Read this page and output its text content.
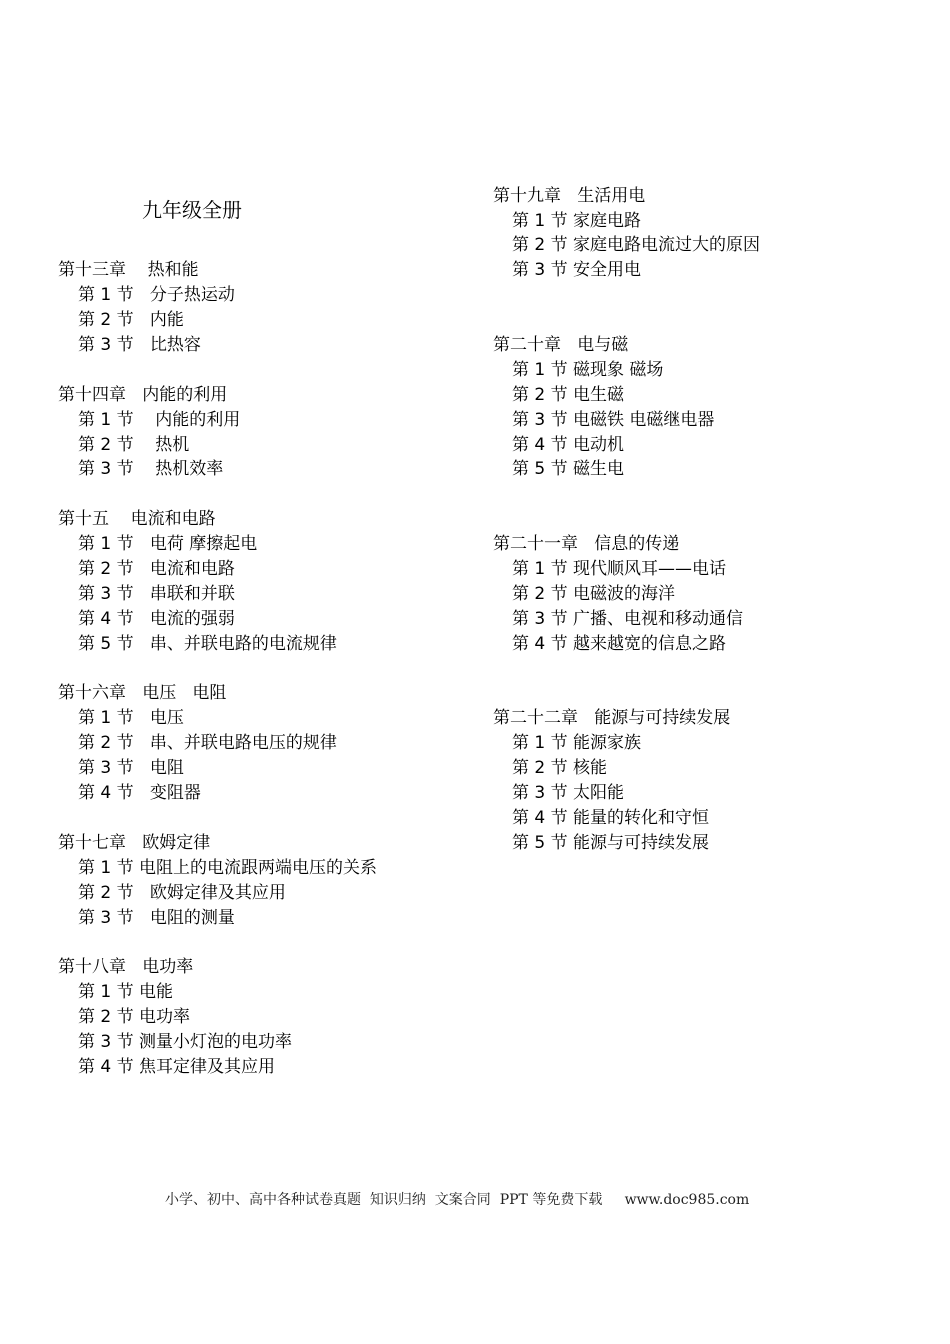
九年级全册
第十三章    热和能
第 1 节   分子热运动
第 2 节   内能
第 3 节   比热容
第十四章   内能的利用
第 1 节    内能的利用
第 2 节    热机
第 3 节    热机效率
第十五    电流和电路
第 1 节   电荷 摩擦起电
第 2 节   电流和电路
第 3 节   串联和并联
第 4 节   电流的强弱
第 5 节   串、并联电路的电流规律
第十六章   电压   电阻
第 1 节   电压
第 2 节   串、并联电路电压的规律
第 3 节   电阻
第 4 节   变阻器
第十七章   欧姆定律
第 1 节 电阻上的电流跟两端电压的关系
第 2 节   欧姆定律及其应用
第 3 节   电阻的测量
第十八章   电功率
第 1 节 电能
第 2 节 电功率
第 3 节 测量小灯泡的电功率
第 4 节 焦耳定律及其应用
第十九章   生活用电
第 1 节 家庭电路
第 2 节 家庭电路电流过大的原因
第 3 节 安全用电
第二十章   电与磁
第 1 节 磁现象 磁场
第 2 节 电生磁
第 3 节 电磁铁 电磁继电器
第 4 节 电动机
第 5 节 磁生电
第二十一章   信息的传递
第 1 节 现代顺风耳——电话
第 2 节 电磁波的海洋
第 3 节 广播、电视和移动通信
第 4 节 越来越宽的信息之路
第二十二章   能源与可持续发展
第 1 节 能源家族
第 2 节 核能
第 3 节 太阳能
第 4 节 能量的转化和守恒
第 5 节 能源与可持续发展
小学、初中、高中各种试卷真题  知识归纳  文案合同  PPT 等免费下载     www.doc985.com
